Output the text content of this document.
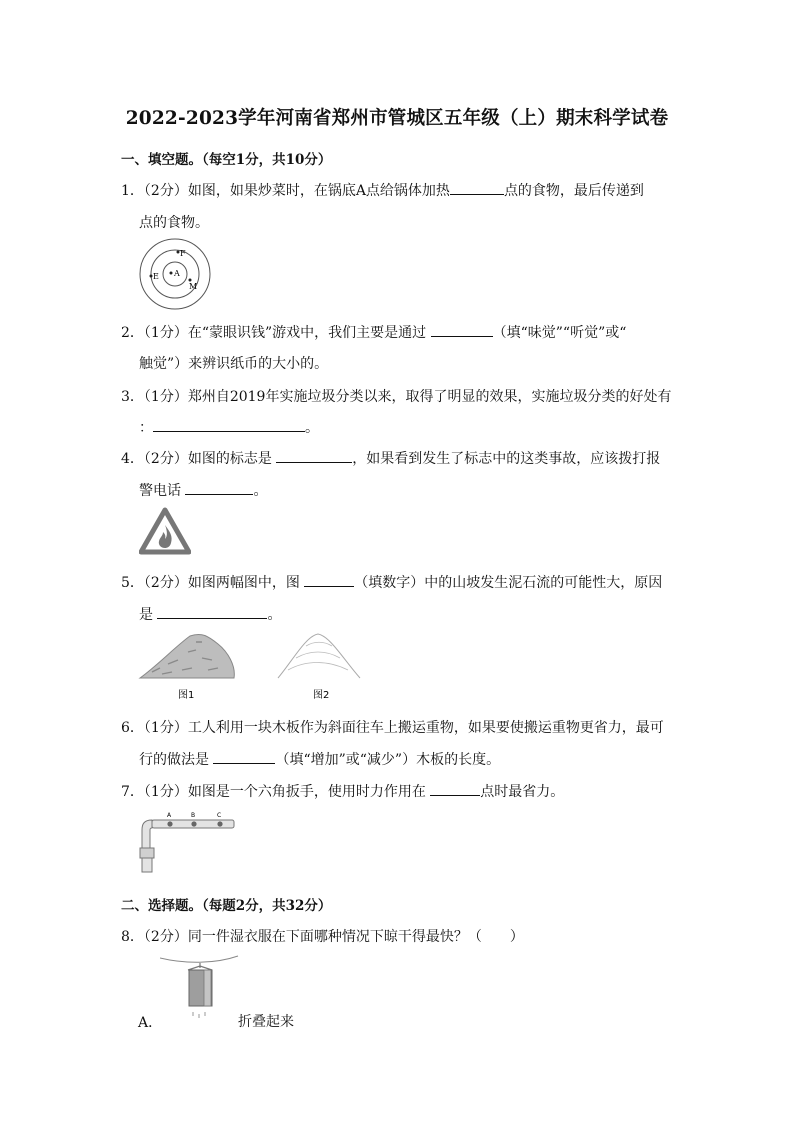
2022-2023学年河南省郑州市管城区五年级（上）期末科学试卷
一、填空题。（每空1分，共10分）
1．（2分）如图，如果炒菜时，在锅底A点给锅体加热	点的食物，最后传递到
点的食物。
F
A
E
M
2．（1分）在“蒙眼识钱”游戏中，我们主要是通过	（填“味觉”“听觉”或“
触觉”）来辨识纸币的大小的。
3．（1分）郑州自2019年实施垃圾分类以来，取得了明显的效果，实施垃圾分类的好处有
：	。
4．（2分）如图的标志是	，如果看到发生了标志中的这类事故，应该拨打报
警电话	。
5．（2分）如图两幅图中，图	（填数字）中的山坡发生泥石流的可能性大，原因
是	。
图1	图2
6．（1分）工人利用一块木板作为斜面往车上搬运重物，如果要使搬运重物更省力，最可
行的做法是	（填“增加”或“减少”）木板的长度。
7．（1分）如图是一个六角扳手，使用时力作用在	点时最省力。
A	B	C
二、选择题。（每题2分，共32分）
8．（2分）同一件湿衣服在下面哪种情况下晾干得最快？（　　）
A．	折叠起来
